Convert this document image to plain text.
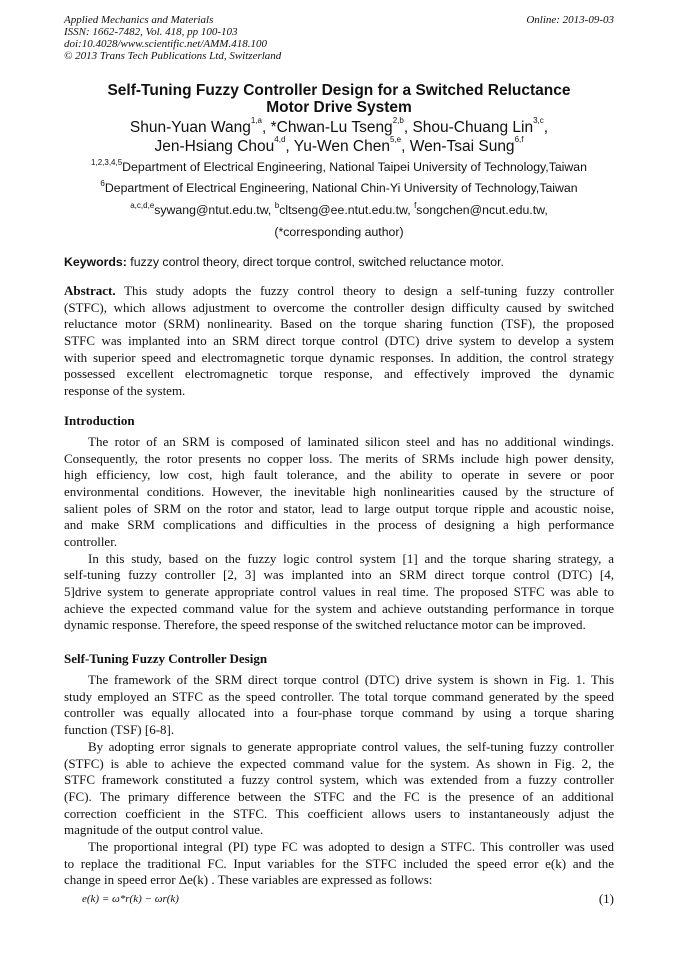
Applied Mechanics and Materials
ISSN: 1662-7482, Vol. 418, pp 100-103
doi:10.4028/www.scientific.net/AMM.418.100
© 2013 Trans Tech Publications Ltd, Switzerland
Online: 2013-09-03
Self-Tuning Fuzzy Controller Design for a Switched Reluctance
Motor Drive System
Shun-Yuan Wang$^{1,a}$, *Chwan-Lu Tseng$^{2,b}$, Shou-Chuang Lin$^{3,c}$,
Jen-Hsiang Chou$^{4,d}$, Yu-Wen Chen$^{5,e}$, Wen-Tsai Sung$^{6,f}$
$^{1,2,3,4,5}$Department of Electrical Engineering, National Taipei University of Technology,Taiwan
$^6$Department of Electrical Engineering, National Chin-Yi University of Technology,Taiwan
$^{a,c,d,e}$sywang@ntut.edu.tw, $^b$cltseng@ee.ntut.edu.tw, $^f$songchen@ncut.edu.tw,
(*corresponding author)
Keywords: fuzzy control theory, direct torque control, switched reluctance motor.
Abstract. This study adopts the fuzzy control theory to design a self-tuning fuzzy controller
(STFC), which allows adjustment to overcome the controller design difficulty caused by switched
reluctance motor (SRM) nonlinearity. Based on the torque sharing function (TSF), the proposed
STFC was implanted into an SRM direct torque control (DTC) drive system to develop a system
with superior speed and electromagnetic torque dynamic responses. In addition, the control strategy
possessed excellent electromagnetic torque response, and effectively improved the dynamic
response of the system.
Introduction
The rotor of an SRM is composed of laminated silicon steel and has no additional windings.
Consequently, the rotor presents no copper loss. The merits of SRMs include high power density,
high efficiency, low cost, high fault tolerance, and the ability to operate in severe or poor
environmental conditions. However, the inevitable high nonlinearities caused by the structure of
salient poles of SRM on the rotor and stator, lead to large output torque ripple and acoustic noise,
and make SRM complications and difficulties in the process of designing a high performance
controller.
In this study, based on the fuzzy logic control system [1] and the torque sharing strategy, a
self-tuning fuzzy controller [2, 3] was implanted into an SRM direct torque control (DTC) [4,
5]drive system to generate appropriate control values in real time. The proposed STFC was able to
achieve the expected command value for the system and achieve outstanding performance in torque
dynamic response. Therefore, the speed response of the switched reluctance motor can be improved.
Self-Tuning Fuzzy Controller Design
The framework of the SRM direct torque control (DTC) drive system is shown in Fig. 1. This
study employed an STFC as the speed controller. The total torque command generated by the speed
controller was equally allocated into a four-phase torque command by using a torque sharing
function (TSF) [6-8].
By adopting error signals to generate appropriate control values, the self-tuning fuzzy controller
(STFC) is able to achieve the expected command value for the system. As shown in Fig. 2, the
STFC framework constituted a fuzzy control system, which was extended from a fuzzy controller
(FC). The primary difference between the STFC and the FC is the presence of an additional
correction coefficient in the STFC. This coefficient allows users to instantaneously adjust the
magnitude of the output control value.
The proportional integral (PI) type FC was adopted to design a STFC. This controller was used
to replace the traditional FC. Input variables for the STFC included the speed error e(k) and the
change in speed error Δe(k) . These variables are expressed as follows:
e(k) = ω*r(k) − ωr(k)	(1)
